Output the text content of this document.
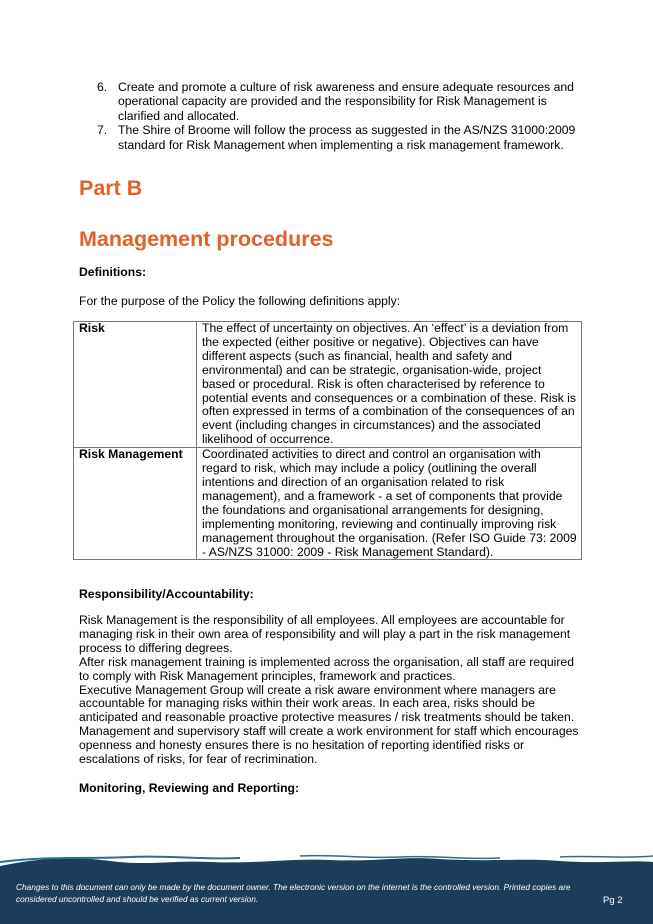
6. Create and promote a culture of risk awareness and ensure adequate resources and operational capacity are provided and the responsibility for Risk Management is clarified and allocated.
7. The Shire of Broome will follow the process as suggested in the AS/NZS 31000:2009 standard for Risk Management when implementing a risk management framework.
Part B
Management procedures
Definitions:
For the purpose of the Policy the following definitions apply:
Risk	The effect of uncertainty on objectives. An ‘effect’ is a deviation from the expected (either positive or negative). Objectives can have different aspects (such as financial, health and safety and environmental) and can be strategic, organisation-wide, project based or procedural. Risk is often characterised by reference to potential events and consequences or a combination of these. Risk is often expressed in terms of a combination of the consequences of an event (including changes in circumstances) and the associated likelihood of occurrence.
Risk Management	Coordinated activities to direct and control an organisation with regard to risk, which may include a policy (outlining the overall intentions and direction of an organisation related to risk management), and a framework - a set of components that provide the foundations and organisational arrangements for designing, implementing monitoring, reviewing and continually improving risk management throughout the organisation. (Refer ISO Guide 73: 2009 - AS/NZS 31000: 2009 - Risk Management Standard).
Responsibility/Accountability:

Risk Management is the responsibility of all employees. All employees are accountable for managing risk in their own area of responsibility and will play a part in the risk management process to differing degrees.

After risk management training is implemented across the organisation, all staff are required to comply with Risk Management principles, framework and practices.

Executive Management Group will create a risk aware environment where managers are accountable for managing risks within their work areas. In each area, risks should be anticipated and reasonable proactive protective measures / risk treatments should be taken.

Management and supervisory staff will create a work environment for staff which encourages openness and honesty ensures there is no hesitation of reporting identified risks or escalations of risks, for fear of recrimination.

Monitoring, Reviewing and Reporting:
Changes to this document can only be made by the document owner. The electronic version on the internet is the controlled version. Printed copies are considered uncontrolled and should be verified as current version.	Pg 2
